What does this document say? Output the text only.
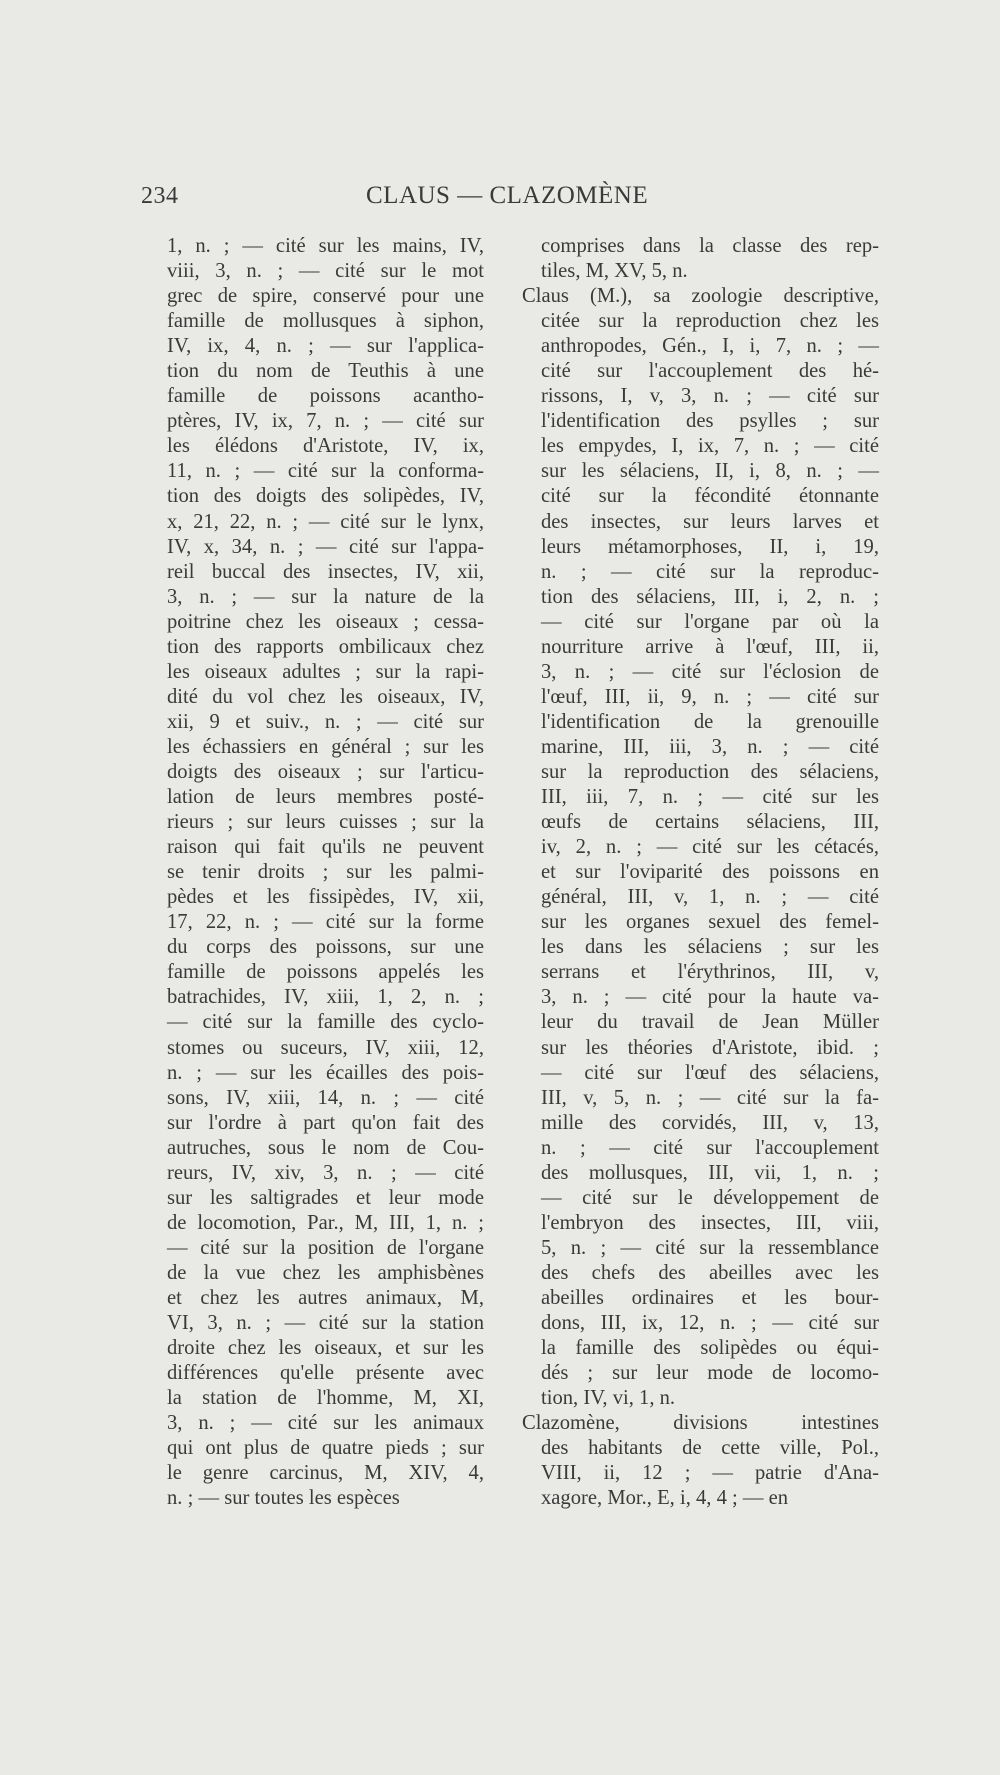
234	CLAUS — CLAZOMÈNE
1, n. ; — cité sur les mains, IV,
viii, 3, n. ; — cité sur le mot
grec de spire, conservé pour une
famille de mollusques à siphon,
IV, ix, 4, n. ; — sur l'applica-
tion du nom de Teuthis à une
famille de poissons acantho-
ptères, IV, ix, 7, n. ; — cité sur
les élédons d'Aristote, IV, ix,
11, n. ; — cité sur la conforma-
tion des doigts des solipèdes, IV,
x, 21, 22, n. ; — cité sur le lynx,
IV, x, 34, n. ; — cité sur l'appa-
reil buccal des insectes, IV, xii,
3, n. ; — sur la nature de la
poitrine chez les oiseaux ; cessa-
tion des rapports ombilicaux chez
les oiseaux adultes ; sur la rapi-
dité du vol chez les oiseaux, IV,
xii, 9 et suiv., n. ; — cité sur
les échassiers en général ; sur les
doigts des oiseaux ; sur l'articu-
lation de leurs membres posté-
rieurs ; sur leurs cuisses ; sur la
raison qui fait qu'ils ne peuvent
se tenir droits ; sur les palmi-
pèdes et les fissipèdes, IV, xii,
17, 22, n. ; — cité sur la forme
du corps des poissons, sur une
famille de poissons appelés les
batrachides, IV, xiii, 1, 2, n. ;
— cité sur la famille des cyclo-
stomes ou suceurs, IV, xiii, 12,
n. ; — sur les écailles des pois-
sons, IV, xiii, 14, n. ; — cité
sur l'ordre à part qu'on fait des
autruches, sous le nom de Cou-
reurs, IV, xiv, 3, n. ; — cité
sur les saltigrades et leur mode
de locomotion, Par., M, III, 1, n. ;
— cité sur la position de l'organe
de la vue chez les amphisbènes
et chez les autres animaux, M,
VI, 3, n. ; — cité sur la station
droite chez les oiseaux, et sur les
différences qu'elle présente avec
la station de l'homme, M, XI,
3, n. ; — cité sur les animaux
qui ont plus de quatre pieds ; sur
le genre carcinus, M, XIV, 4,
n. ; — sur toutes les espèces
comprises dans la classe des rep-
tiles, M, XV, 5, n.
Claus (M.), sa zoologie descriptive,
citée sur la reproduction chez les
anthropodes, Gén., I, i, 7, n. ; —
cité sur l'accouplement des hé-
rissons, I, v, 3, n. ; — cité sur
l'identification des psylles ; sur
les empydes, I, ix, 7, n. ; — cité
sur les sélaciens, II, i, 8, n. ; —
cité sur la fécondité étonnante
des insectes, sur leurs larves et
leurs métamorphoses, II, i, 19,
n. ; — cité sur la reproduc-
tion des sélaciens, III, i, 2, n. ;
— cité sur l'organe par où la
nourriture arrive à l'œuf, III, ii,
3, n. ; — cité sur l'éclosion de
l'œuf, III, ii, 9, n. ; — cité sur
l'identification de la grenouille
marine, III, iii, 3, n. ; — cité
sur la reproduction des sélaciens,
III, iii, 7, n. ; — cité sur les
œufs de certains sélaciens, III,
iv, 2, n. ; — cité sur les cétacés,
et sur l'oviparité des poissons en
général, III, v, 1, n. ; — cité
sur les organes sexuel des femel-
les dans les sélaciens ; sur les
serrans et l'érythrinos, III, v,
3, n. ; — cité pour la haute va-
leur du travail de Jean Müller
sur les théories d'Aristote, ibid. ;
— cité sur l'œuf des sélaciens,
III, v, 5, n. ; — cité sur la fa-
mille des corvidés, III, v, 13,
n. ; — cité sur l'accouplement
des mollusques, III, vii, 1, n. ;
— cité sur le développement de
l'embryon des insectes, III, viii,
5, n. ; — cité sur la ressemblance
des chefs des abeilles avec les
abeilles ordinaires et les bour-
dons, III, ix, 12, n. ; — cité sur
la famille des solipèdes ou équi-
dés ; sur leur mode de locomo-
tion, IV, vi, 1, n.
Clazomène, divisions intestines
des habitants de cette ville, Pol.,
VIII, ii, 12 ; — patrie d'Ana-
xagore, Mor., E, i, 4, 4 ; — en
